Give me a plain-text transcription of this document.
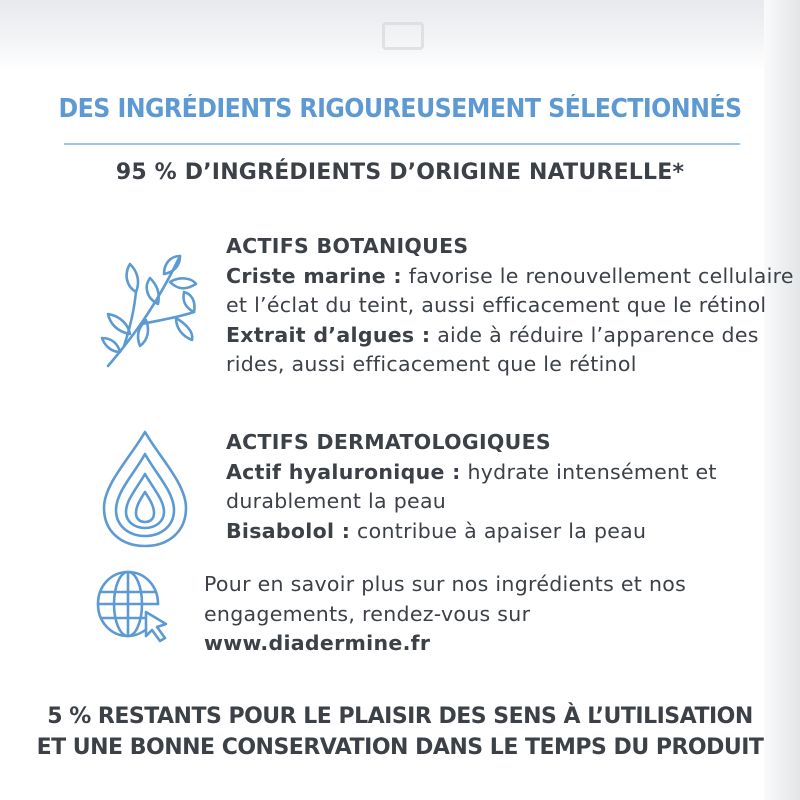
DES INGRÉDIENTS RIGOUREUSEMENT SÉLECTIONNÉS
95 % D’INGRÉDIENTS D’ORIGINE NATURELLE*
ACTIFS BOTANIQUES
Criste marine : favorise le renouvellement cellulaire et l’éclat du teint, aussi efficacement que le rétinol
Extrait d’algues : aide à réduire l’apparence des rides, aussi efficacement que le rétinol
ACTIFS DERMATOLOGIQUES
Actif hyaluronique : hydrate intensément et durablement la peau
Bisabolol : contribue à apaiser la peau
Pour en savoir plus sur nos ingrédients et nos engagements, rendez-vous sur
www.diadermine.fr
5 % RESTANTS POUR LE PLAISIR DES SENS À L’UTILISATION
ET UNE BONNE CONSERVATION DANS LE TEMPS DU PRODUIT
